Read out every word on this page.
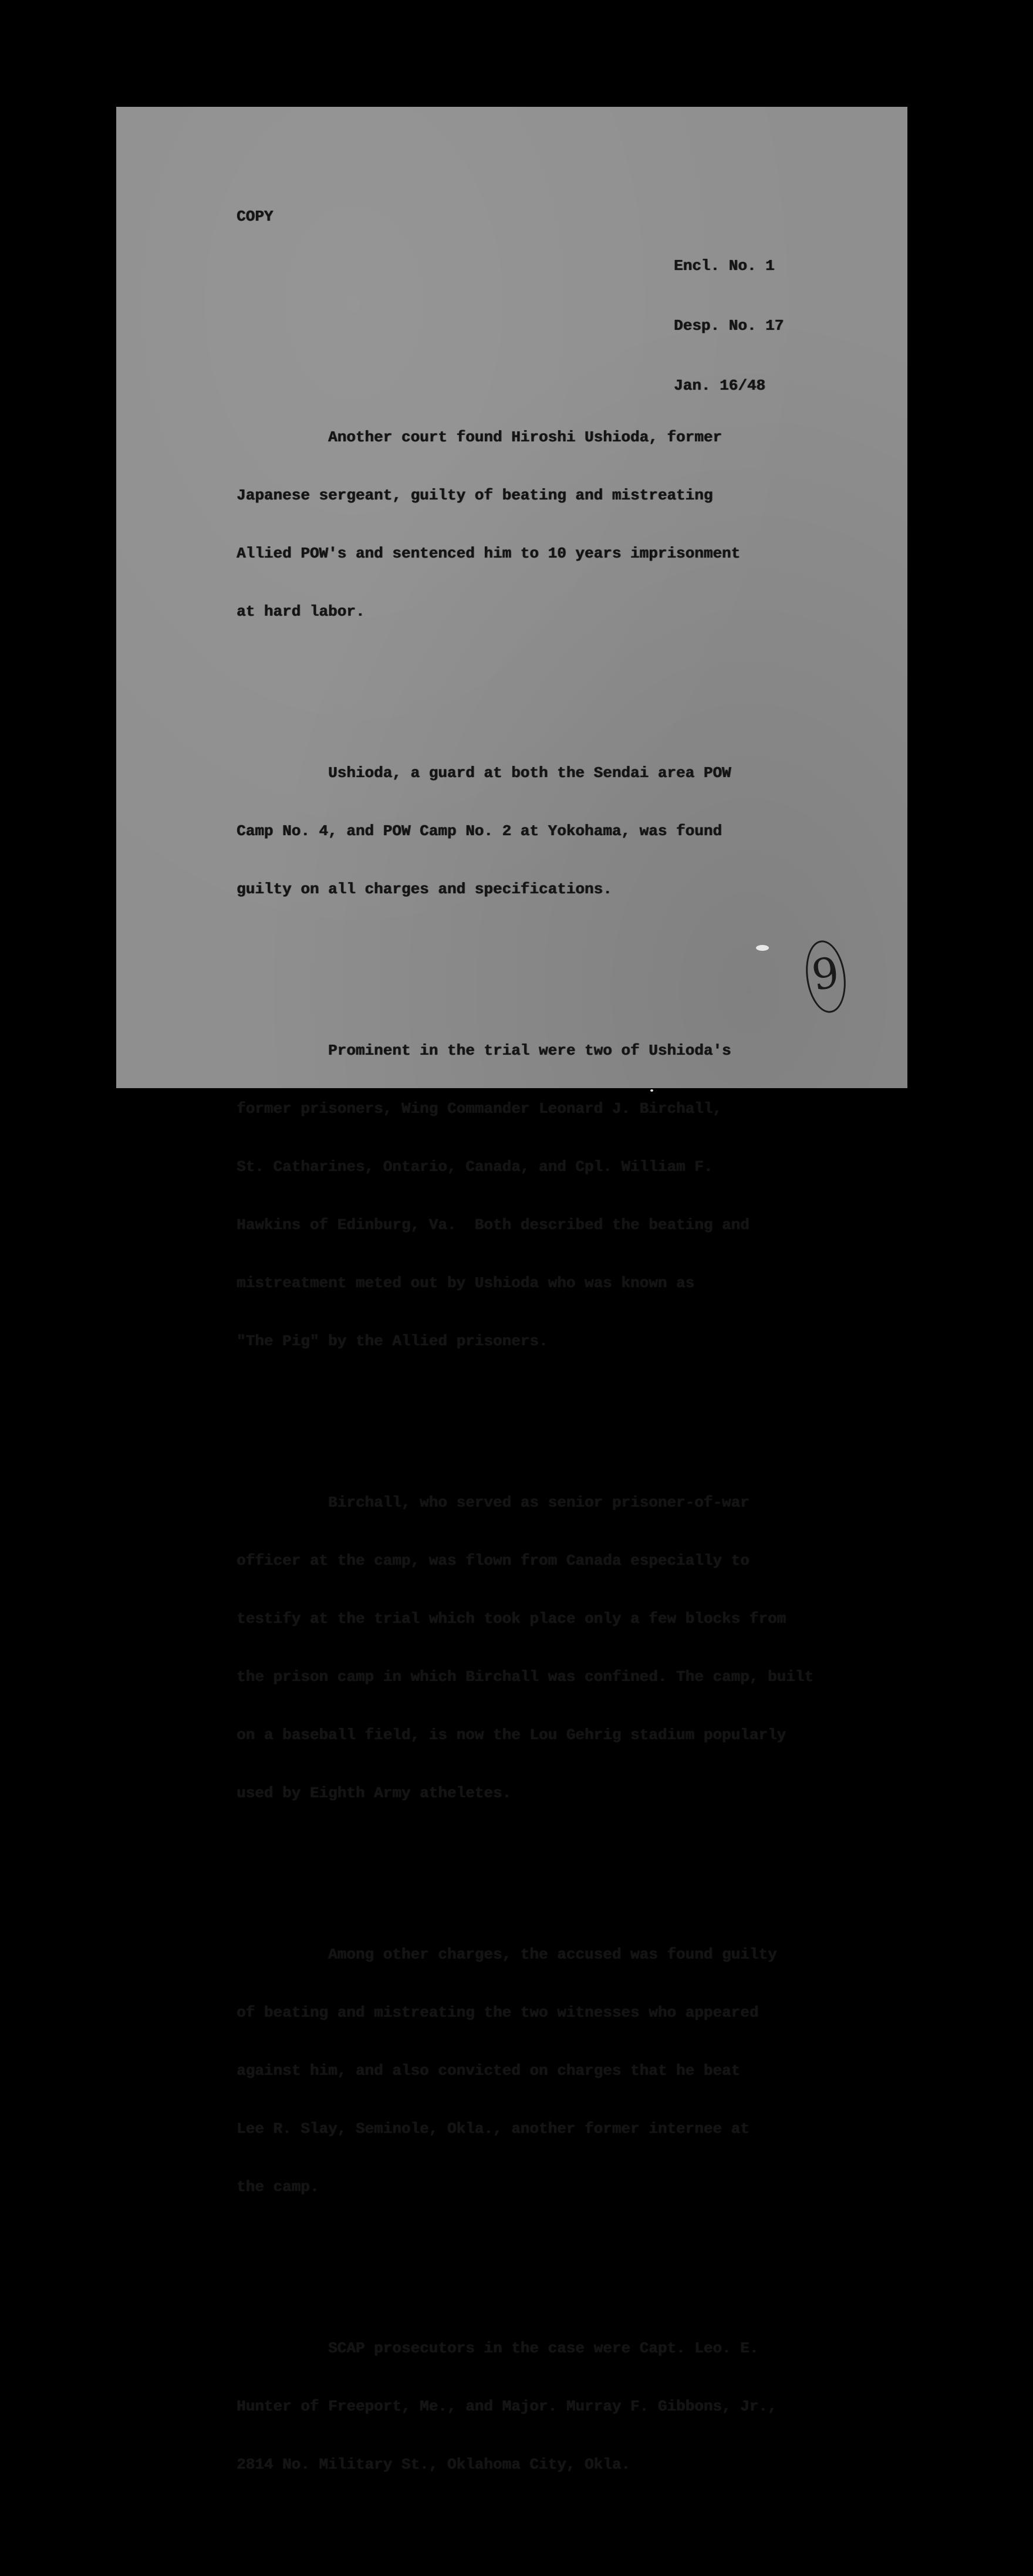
COPY

Encl. No. 1

Desp. No. 17

Jan. 16/48

Another court found Hiroshi Ushioda, former

Japanese sergeant, guilty of beating and mistreating

Allied POW's and sentenced him to 10 years imprisonment

at hard labor.

Ushioda, a guard at both the Sendai area POW

Camp No. 4, and POW Camp No. 2 at Yokohama, was found

guilty on all charges and specifications.

Prominent in the trial were two of Ushioda's

former prisoners, Wing Commander Leonard J. Birchall,

St. Catharines, Ontario, Canada, and Cpl. William F.

Hawkins of Edinburg, Va.  Both described the beating and

mistreatment meted out by Ushioda who was known as

"The Pig" by the Allied prisoners.

Birchall, who served as senior prisoner-of-war

officer at the camp, was flown from Canada especially to

testify at the trial which took place only a few blocks from

the prison camp in which Birchall was confined. The camp, built

on a baseball field, is now the Lou Gehrig stadium popularly

used by Eighth Army atheletes.

Among other charges, the accused was found guilty

of beating and mistreating the two witnesses who appeared

against him, and also convicted on charges that he beat

Lee R. Slay, Seminole, Okla., another former internee at

the camp.

SCAP prosecutors in the case were Capt. Leo. E.

Hunter of Freeport, Me., and Major. Murray F. Gibbons, Jr.,

2814 No. Military St., Oklahoma City, Okla.

9
